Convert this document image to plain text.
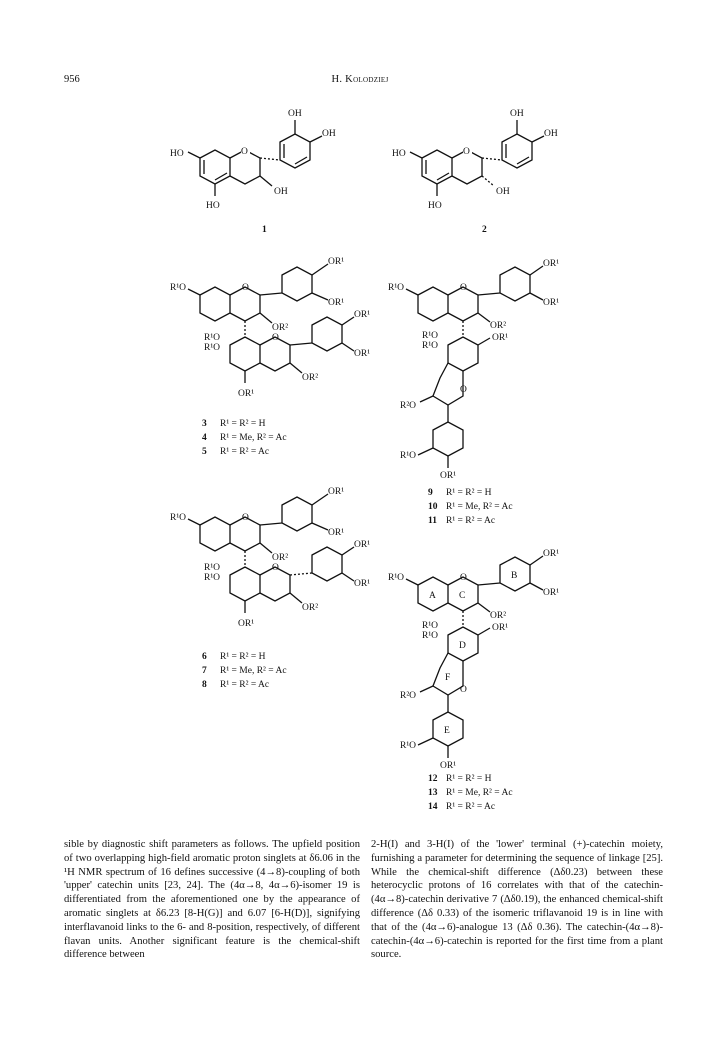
956	H. Kolodziej
O
OH
OH
HO
OH
HO
1
O
OH
OH
HO
OH
HO
2
R¹O	O
OR¹
OR¹
OR²
R¹O
R¹O
O
OR¹
OR¹
OR²
OR¹
3 R¹ = R² = H
4 R¹ = Me, R² = Ac
5 R¹ = R² = Ac
R¹O	O
OR¹
OR¹
OR²
R¹O
R¹O
OR¹
O
R²O
R¹O
OR¹
9 R¹ = R² = H
10 R¹ = Me, R² = Ac
11 R¹ = R² = Ac
R¹O	O
OR¹
OR¹
OR²
R¹O
R¹O
O
OR¹
OR¹
OR²
OR¹
6 R¹ = R² = H
7 R¹ = Me, R² = Ac
8 R¹ = R² = Ac
R¹O	O
A C
B
OR¹
OR¹
OR²
R¹O
R¹O
OR¹
D
F
O
R²O
E
R¹O
OR¹
12 R¹ = R² = H
13 R¹ = Me, R² = Ac
14 R¹ = R² = Ac
sible by diagnostic shift parameters as follows. The upfield position of two overlapping high-field aromatic proton singlets at δ6.06 in the ¹H NMR spectrum of 16 defines successive (4→8)-coupling of both 'upper' catechin units [23, 24]. The (4α→8, 4α→6)-isomer 19 is differentiated from the aforementioned one by the appearance of aromatic singlets at δ6.23 [8-H(G)] and 6.07 [6-H(D)], signifying interflavanoid links to the 6- and 8-position, respectively, of different flavan units. Another significant feature is the chemical-shift difference between
2-H(I) and 3-H(I) of the 'lower' terminal (+)-catechin moiety, furnishing a parameter for determining the sequence of linkage [25]. While the chemical-shift difference (Δδ0.23) between these heterocyclic protons of 16 correlates with that of the catechin-(4α→8)-catechin derivative 7 (Δδ0.19), the enhanced chemical-shift difference (Δδ 0.33) of the isomeric triflavanoid 19 is in line with that of the (4α→6)-analogue 13 (Δδ 0.36). The catechin-(4α→8)-catechin-(4α→6)-catechin is reported for the first time from a plant source.
